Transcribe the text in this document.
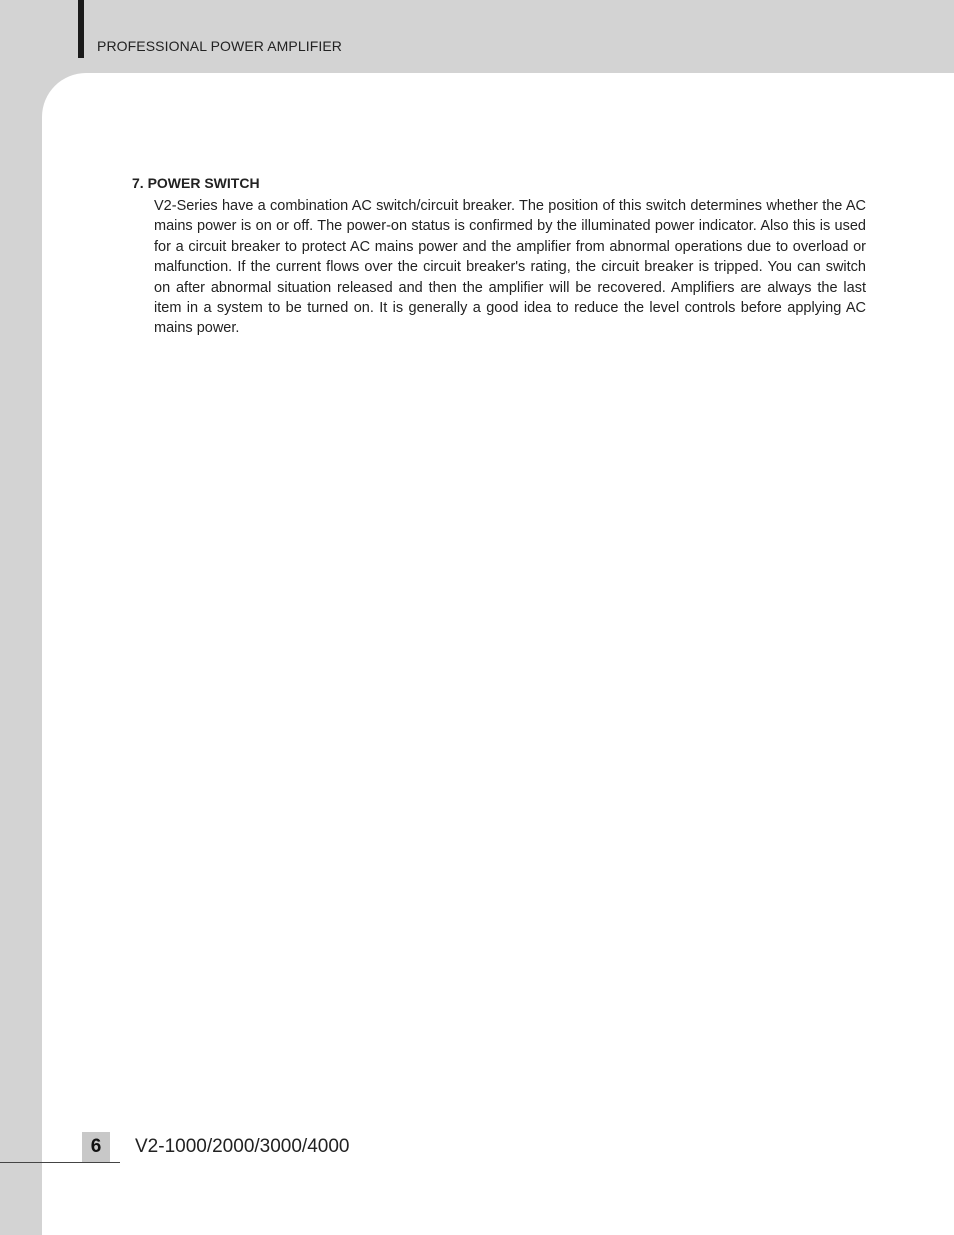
PROFESSIONAL POWER AMPLIFIER
7. POWER SWITCH

V2-Series have a combination AC switch/circuit breaker. The position of this switch determines whether the AC mains power is on or off. The power-on status is confirmed by the illuminated power indicator. Also this is used for a circuit breaker to protect AC mains power and the amplifier from abnormal operations due to overload or malfunction. If the current flows over the circuit breaker's rating, the circuit breaker is tripped. You can switch on after abnormal situation released and then the amplifier will be recovered. Amplifiers are always the last item in a system to be turned on. It is generally a good idea to reduce the level controls before applying AC mains power.

6	V2-1000/2000/3000/4000
